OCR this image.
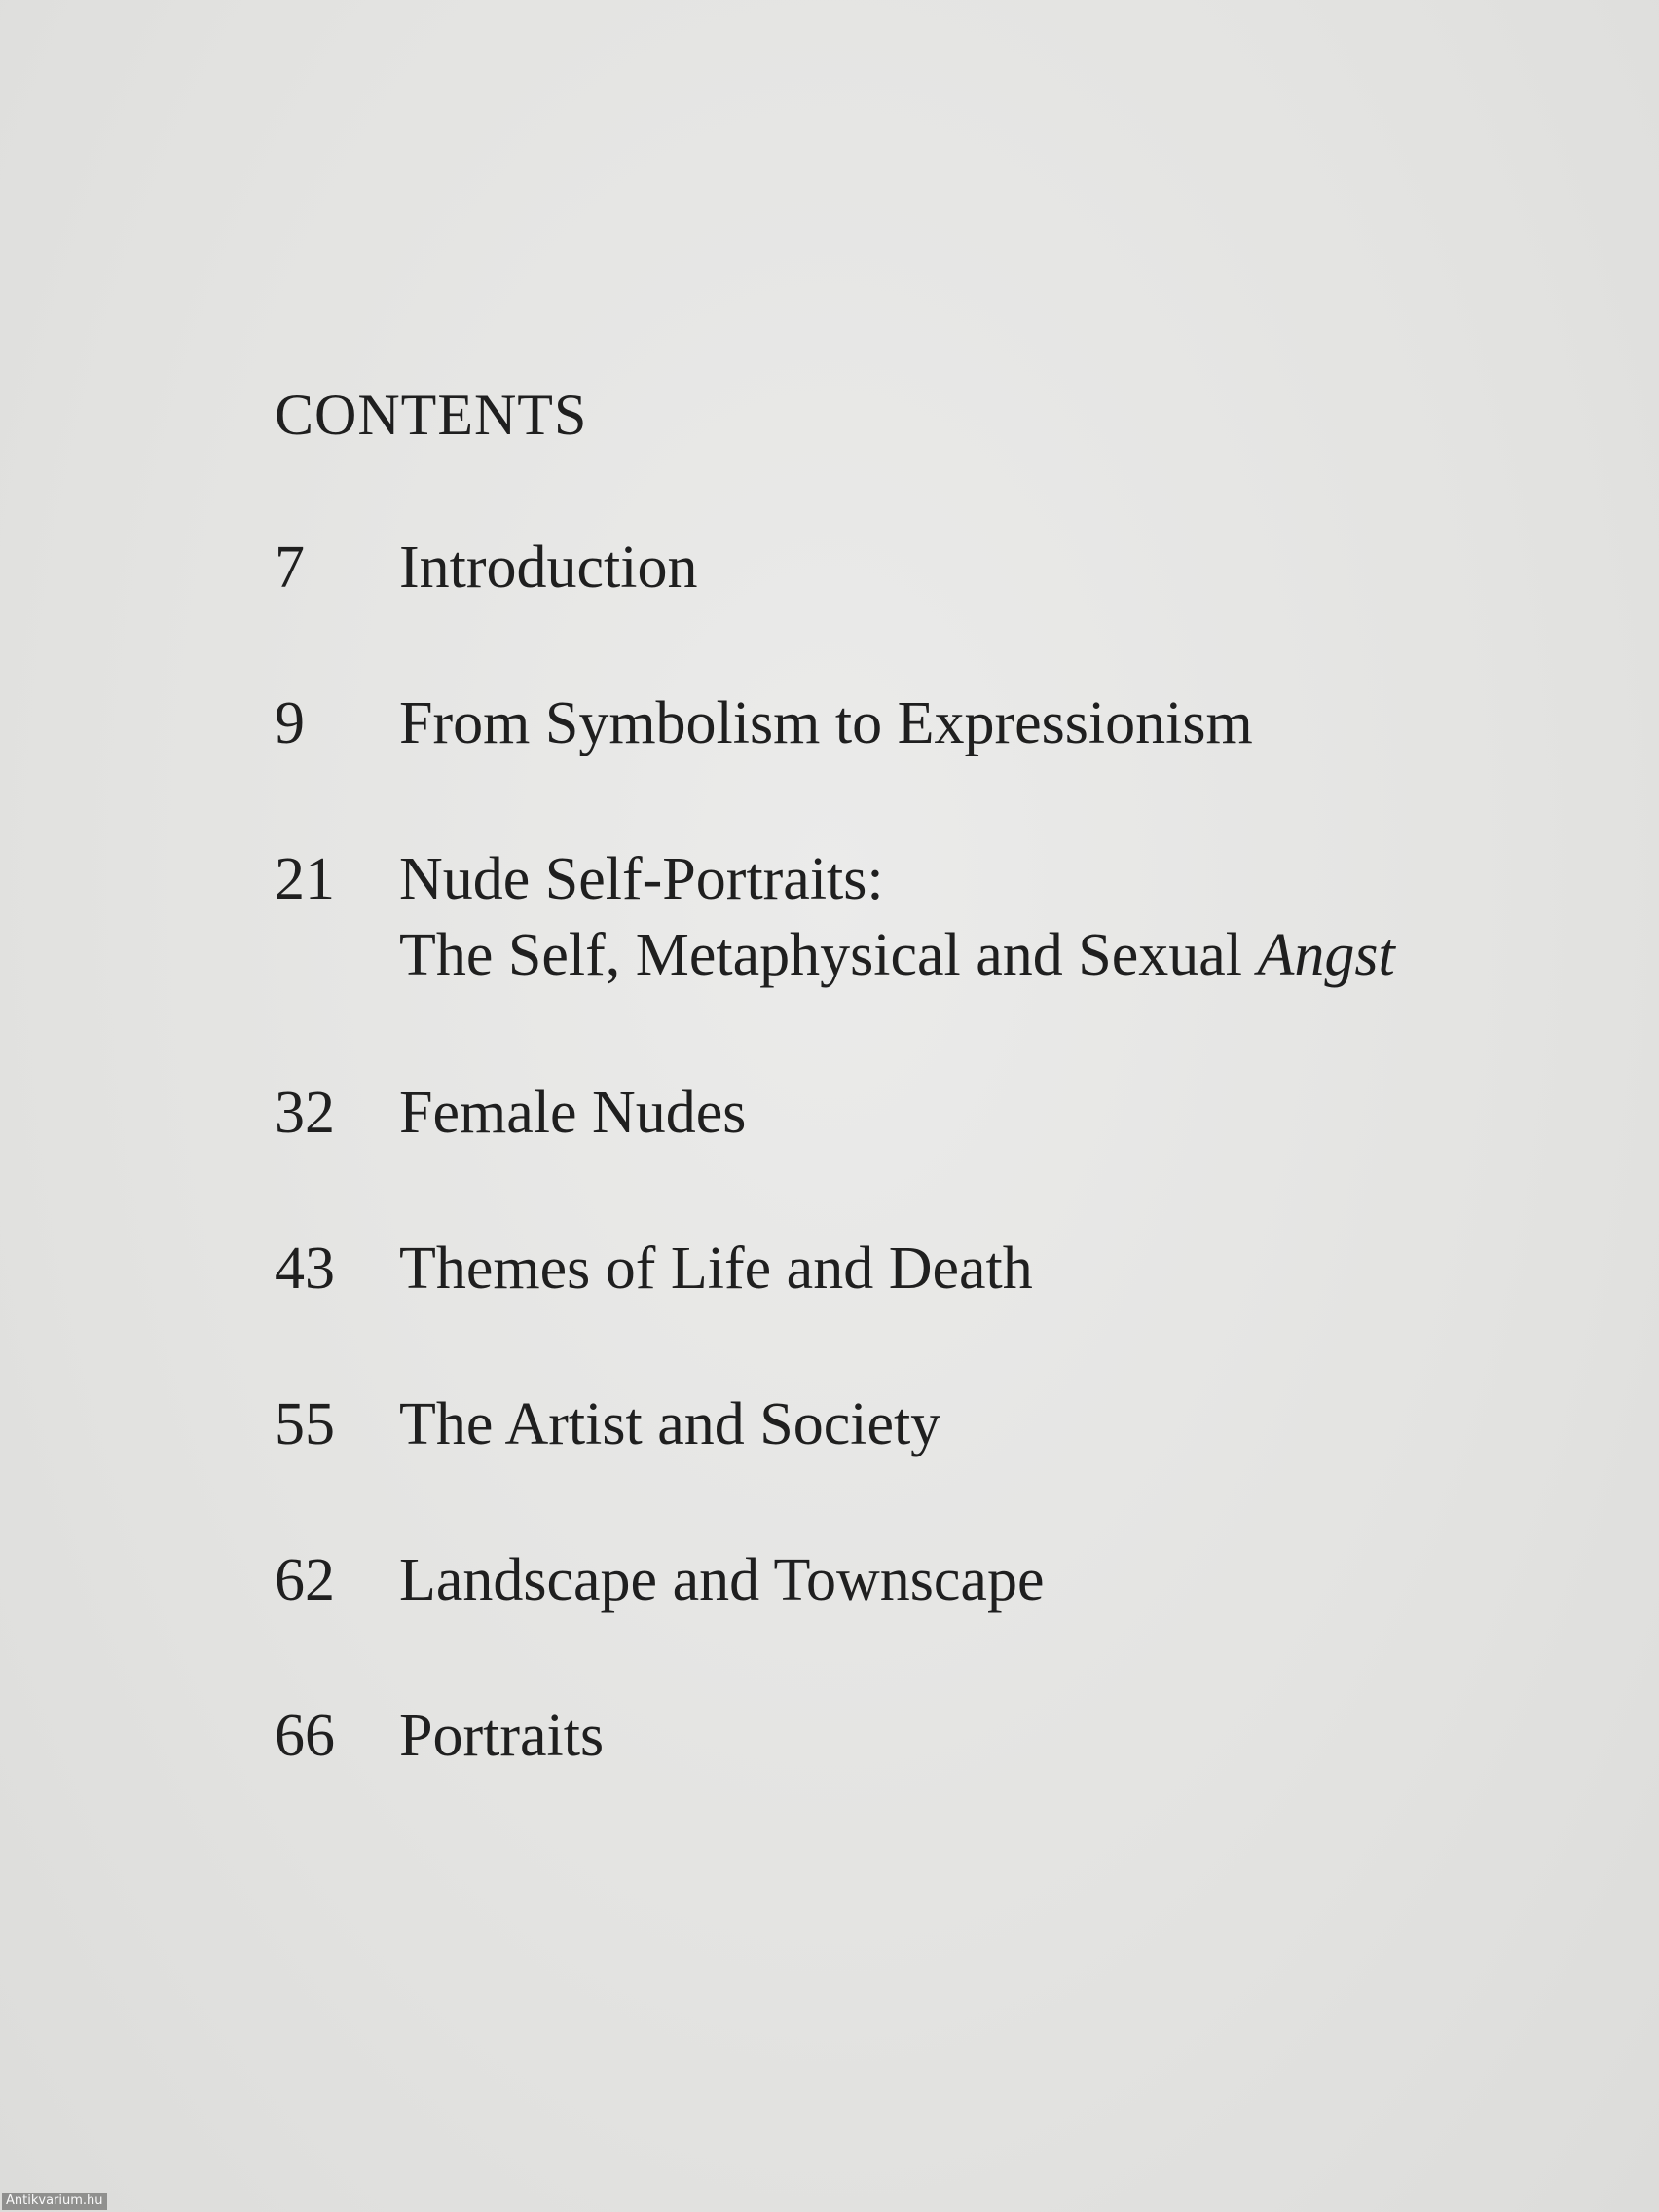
CONTENTS
7 Introduction
9 From Symbolism to Expressionism
21 Nude Self-Portraits:
The Self, Metaphysical and Sexual Angst
32 Female Nudes
43 Themes of Life and Death
55 The Artist and Society
62 Landscape and Townscape
66 Portraits
Antikvarium.hu
